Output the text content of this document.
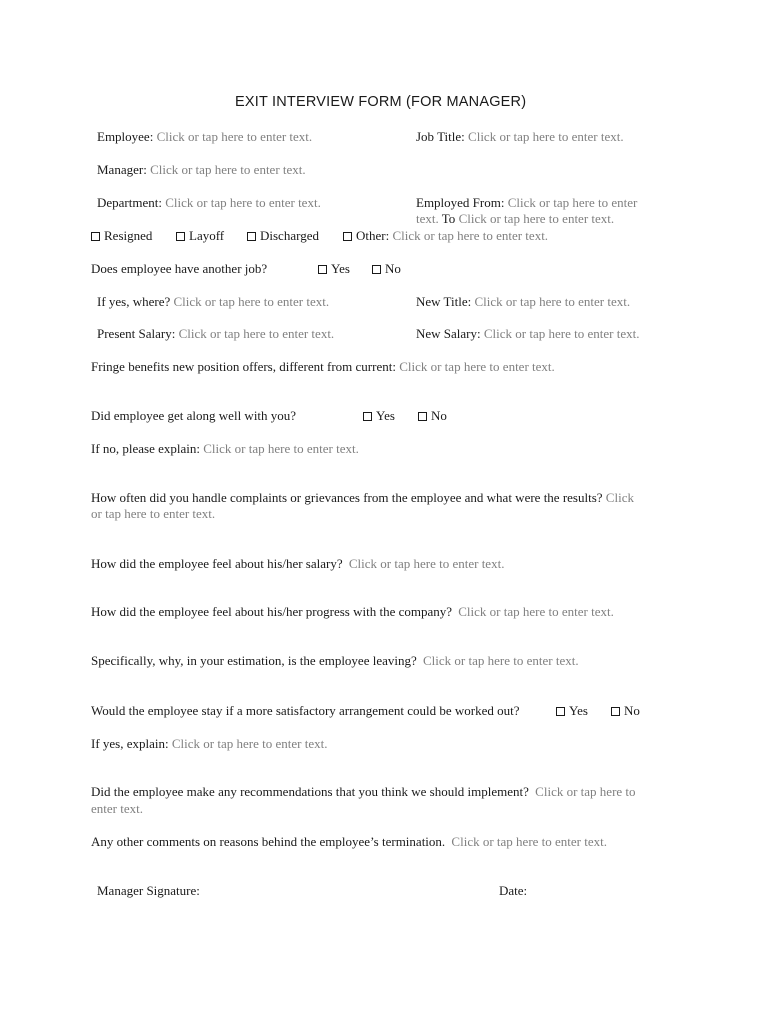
EXIT INTERVIEW FORM (FOR MANAGER)
Employee: Click or tap here to enter text.	Job Title: Click or tap here to enter text.
Manager: Click or tap here to enter text.
Department: Click or tap here to enter text.	Employed From: Click or tap here to enter
text. To Click or tap here to enter text.
Resigned	Layoff	Discharged	Other: Click or tap here to enter text.
Does employee have another job?	Yes	No
If yes, where? Click or tap here to enter text.	New Title: Click or tap here to enter text.
Present Salary: Click or tap here to enter text.	New Salary: Click or tap here to enter text.
Fringe benefits new position offers, different from current: Click or tap here to enter text.
Did employee get along well with you?	Yes	No
If no, please explain: Click or tap here to enter text.
How often did you handle complaints or grievances from the employee and what were the results? Click
or tap here to enter text.
How did the employee feel about his/her salary? Click or tap here to enter text.
How did the employee feel about his/her progress with the company? Click or tap here to enter text.
Specifically, why, in your estimation, is the employee leaving? Click or tap here to enter text.
Would the employee stay if a more satisfactory arrangement could be worked out?	Yes	No
If yes, explain: Click or tap here to enter text.
Did the employee make any recommendations that you think we should implement? Click or tap here to
enter text.
Any other comments on reasons behind the employee’s termination. Click or tap here to enter text.
Manager Signature:	Date:
